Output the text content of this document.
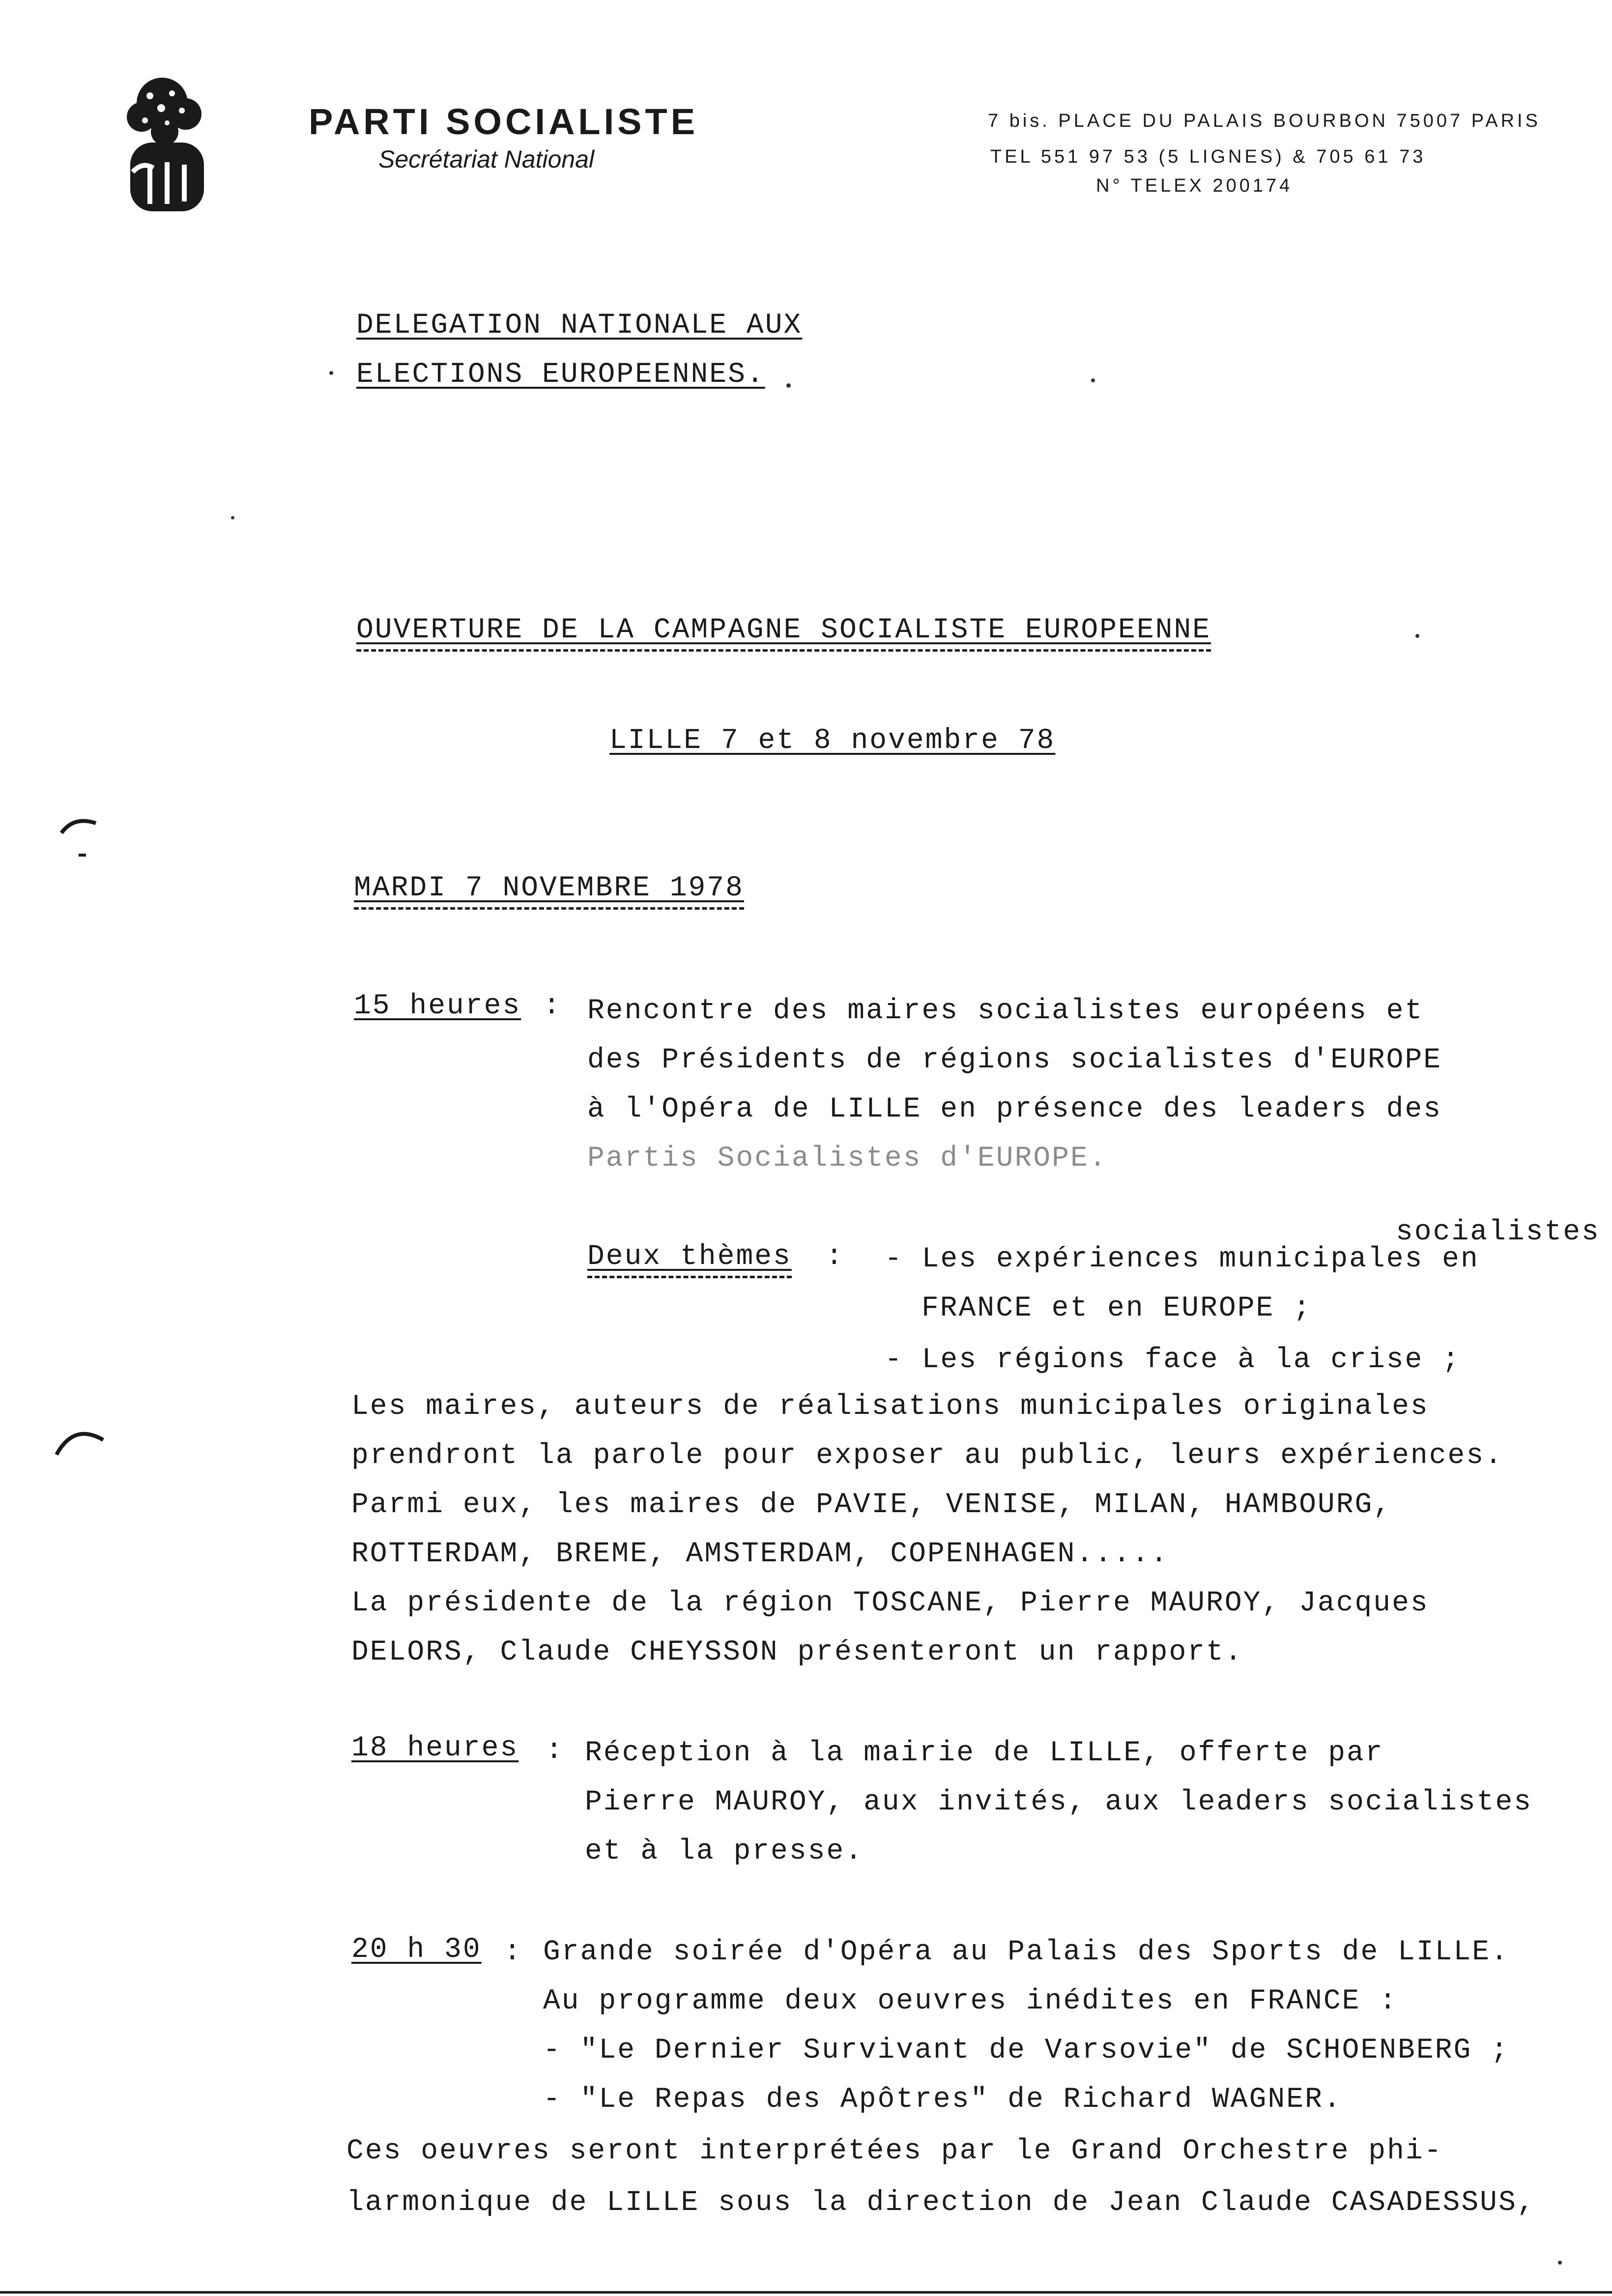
PARTI SOCIALISTE
Secrétariat National
7 bis. PLACE DU PALAIS BOURBON 75007 PARIS
TEL 551 97 53 (5 LIGNES) & 705 61 73
N° TELEX 200174
DELEGATION NATIONALE AUX
ELECTIONS EUROPEENNES.
OUVERTURE DE LA CAMPAGNE SOCIALISTE EUROPEENNE
LILLE 7 et 8 novembre 78
MARDI 7 NOVEMBRE 1978
15 heures : Rencontre des maires socialistes européens et
des Présidents de régions socialistes d'EUROPE
à l'Opéra de LILLE en présence des leaders des
Partis Socialistes d'EUROPE.
socialistes
Deux thèmes : - Les expériences municipales en
FRANCE et en EUROPE ;
- Les régions face à la crise ;
Les maires, auteurs de réalisations municipales originales
prendront la parole pour exposer au public, leurs expériences.
Parmi eux, les maires de PAVIE, VENISE, MILAN, HAMBOURG,
ROTTERDAM, BREME, AMSTERDAM, COPENHAGEN.....
La présidente de la région TOSCANE, Pierre MAUROY, Jacques
DELORS, Claude CHEYSSON présenteront un rapport.
18 heures : Réception à la mairie de LILLE, offerte par
Pierre MAUROY, aux invités, aux leaders socialistes
et à la presse.
20 h 30 : Grande soirée d'Opéra au Palais des Sports de LILLE.
Au programme deux oeuvres inédites en FRANCE :
- "Le Dernier Survivant de Varsovie" de SCHOENBERG ;
- "Le Repas des Apôtres" de Richard WAGNER.
Ces oeuvres seront interprétées par le Grand Orchestre phi-
larmonique de LILLE sous la direction de Jean Claude CASADESSUS,
